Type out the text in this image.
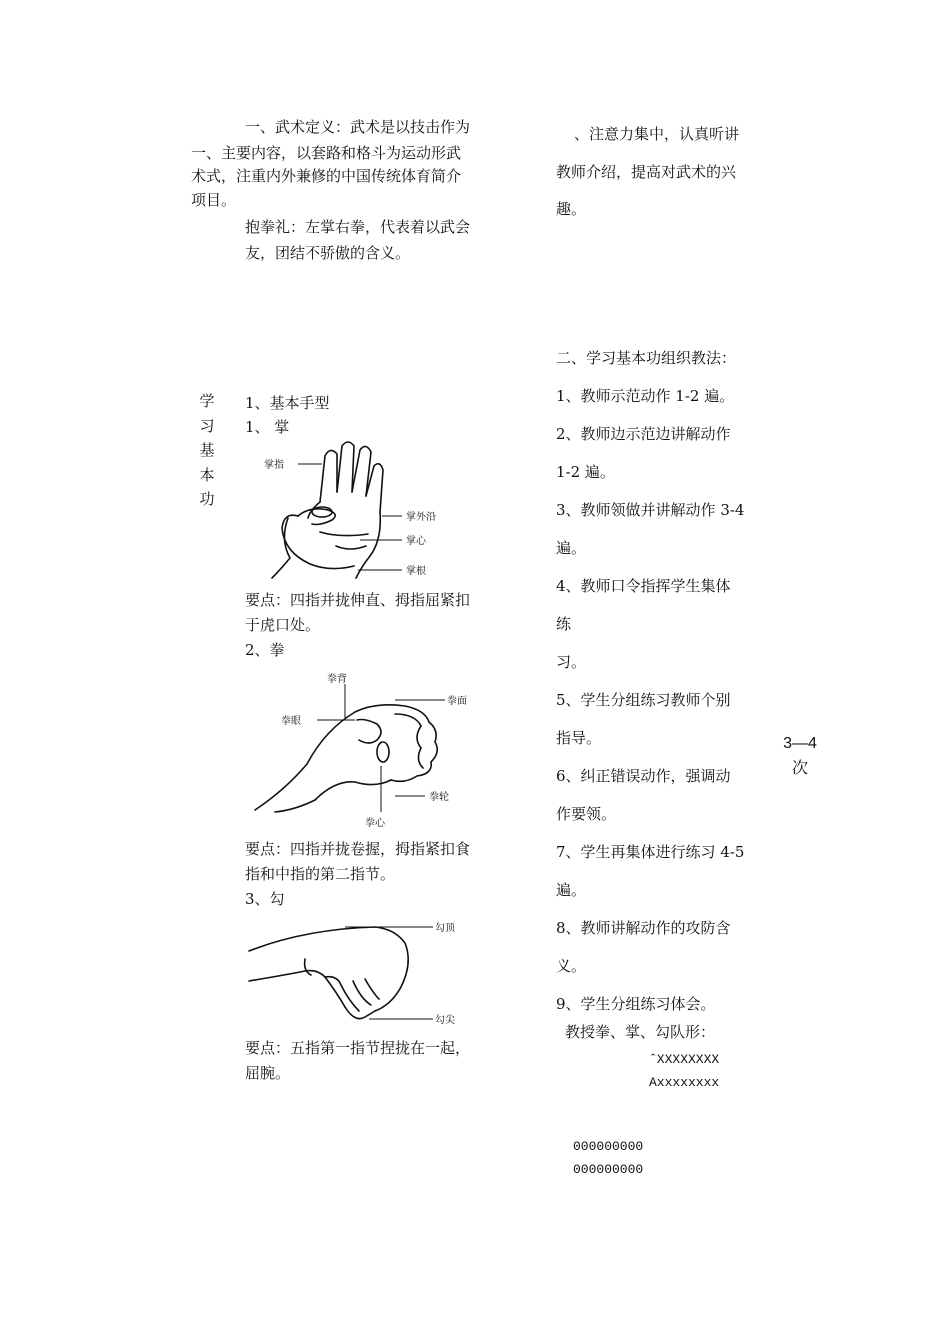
一、武术定义：武术是以技击作为
一、主要内容，以套路和格斗为运动形武
术式，注重内外兼修的中国传统体育简介
项目。
抱拳礼：左掌右拳，代表着以武会
友，团结不骄傲的含义。
学
习
基
本
功
1、基本手型
1、 掌
掌指
掌外沿
掌心
掌根
要点：四指并拢伸直、拇指屈紧扣
于虎口处。
2、拳
拳背
拳面
拳眼
拳轮
拳心
要点：四指并拢卷握，拇指紧扣食
指和中指的第二指节。
3、勾
勾顶
勾尖
要点：五指第一指节捏拢在一起，
屈腕。
、注意力集中，认真听讲
教师介绍，提高对武术的兴
趣。
二、学习基本功组织教法：
1、教师示范动作 1-2 遍。
2、教师边示范边讲解动作
1-2 遍。
3、教师领做并讲解动作 3-4
遍。
4、教师口令指挥学生集体
练
习。
5、学生分组练习教师个别
指导。
6、纠正错误动作，强调动
作要领。
7、学生再集体进行练习 4-5
遍。
8、教师讲解动作的攻防含
义。
9、学生分组练习体会。
教授拳、掌、勾队形：
ˆXXXXXXXX
Axxxxxxxx
000000000
000000000
3—4
次
